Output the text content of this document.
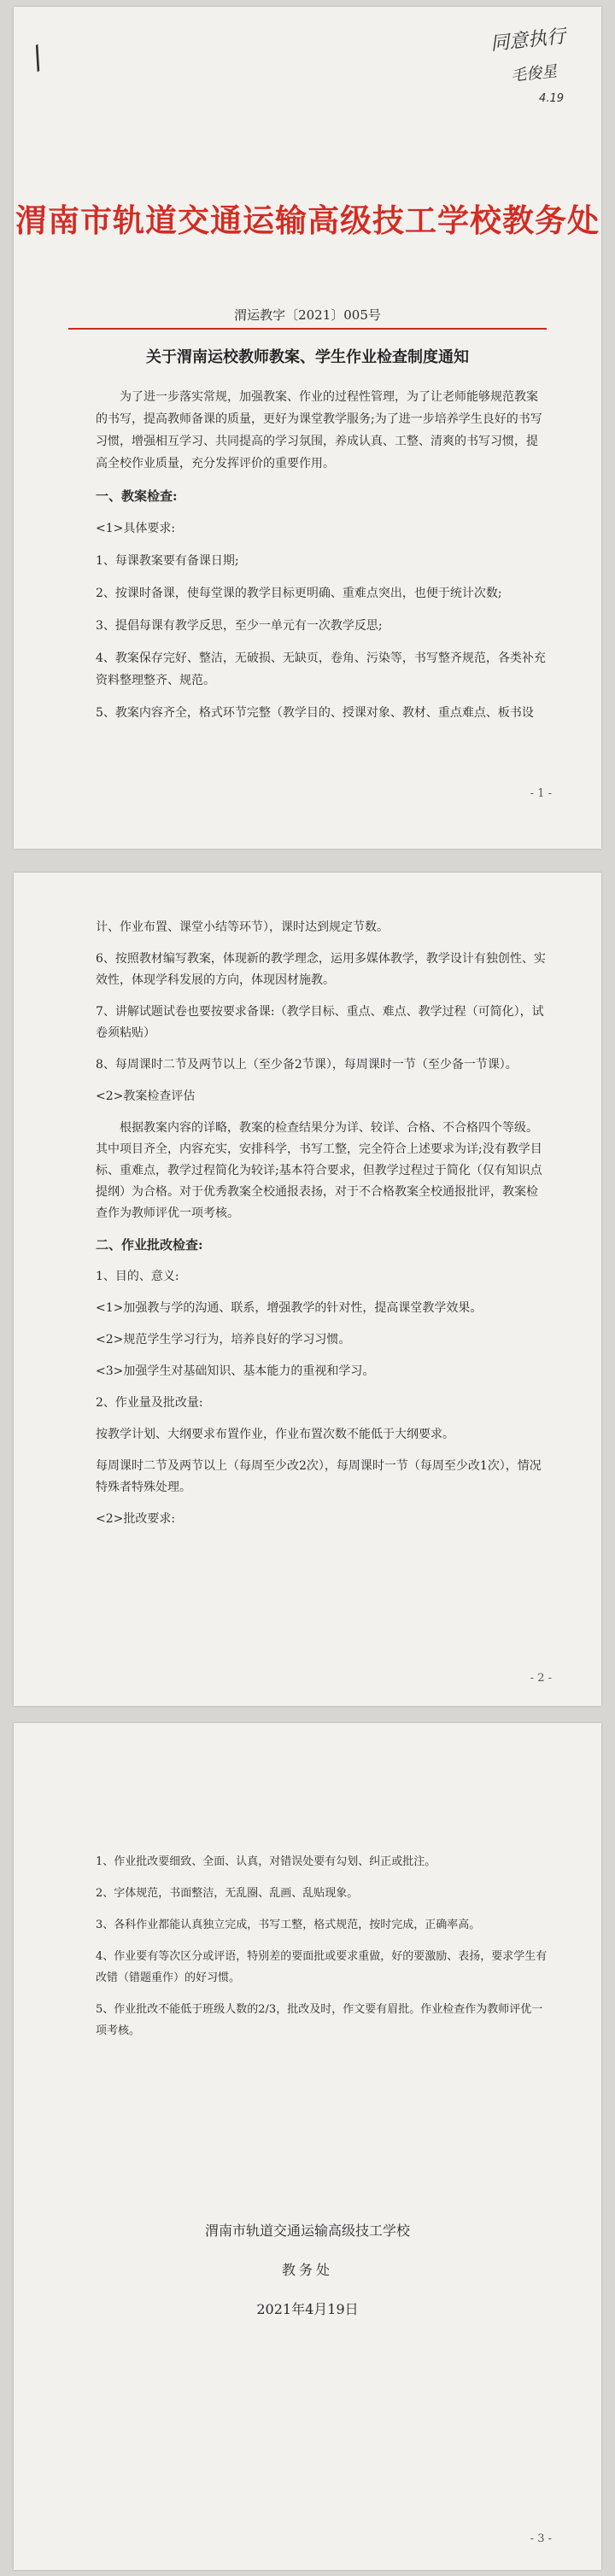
/
同意执行
毛俊星
4.19
渭南市轨道交通运输高级技工学校教务处
渭运教字〔2021〕005号
关于渭南运校教师教案、学生作业检查制度通知

为了进一步落实常规，加强教案、作业的过程性管理，为了让老师能够规范教案的书写，提高教师备课的质量，更好为课堂教学服务;为了进一步培养学生良好的书写习惯，增强相互学习、共同提高的学习氛围，养成认真、工整、清爽的书写习惯，提高全校作业质量，充分发挥评价的重要作用。

一、教案检查:

<1>具体要求:

1、每课教案要有备课日期;

2、按课时备课，使每堂课的教学目标更明确、重难点突出，也便于统计次数;

3、提倡每课有教学反思，至少一单元有一次教学反思;

4、教案保存完好、整洁，无破损、无缺页，卷角、污染等，书写整齐规范，各类补充资料整理整齐、规范。

5、教案内容齐全，格式环节完整（教学目的、授课对象、教材、重点难点、板书设

- 1 -

计、作业布置、课堂小结等环节），课时达到规定节数。

6、按照教材编写教案，体现新的教学理念，运用多媒体教学，教学设计有独创性、实效性，体现学科发展的方向，体现因材施教。

7、讲解试题试卷也要按要求备课:（教学目标、重点、难点、教学过程（可简化），试卷须粘贴）

8、每周课时二节及两节以上（至少备2节课），每周课时一节（至少备一节课）。

<2>教案检查评估

根据教案内容的详略，教案的检查结果分为详、较详、合格、不合格四个等级。其中项目齐全，内容充实，安排科学，书写工整，完全符合上述要求为详;没有教学目标、重难点，教学过程简化为较详;基本符合要求，但教学过程过于简化（仅有知识点提纲）为合格。对于优秀教案全校通报表扬，对于不合格教案全校通报批评，教案检查作为教师评优一项考核。

二、作业批改检查:

1、目的、意义:

<1>加强教与学的沟通、联系，增强教学的针对性，提高课堂教学效果。

<2>规范学生学习行为，培养良好的学习习惯。

<3>加强学生对基础知识、基本能力的重视和学习。

2、作业量及批改量:

按教学计划、大纲要求布置作业，作业布置次数不能低于大纲要求。

每周课时二节及两节以上（每周至少改2次），每周课时一节（每周至少改1次），情况特殊者特殊处理。

<2>批改要求:

- 2 -

1、作业批改要细致、全面、认真，对错误处要有勾划、纠正或批注。

2、字体规范，书面整洁，无乱圈、乱画、乱贴现象。

3、各科作业都能认真独立完成，书写工整，格式规范，按时完成，正确率高。

4、作业要有等次区分或评语，特别差的要面批或要求重做，好的要激励、表扬，要求学生有改错（错题重作）的好习惯。

5、作业批改不能低于班级人数的2/3，批改及时，作文要有眉批。作业检查作为教师评优一项考核。

渭南市轨道交通运输高级技工学校
教务处
2021年4月19日
- 3 -
